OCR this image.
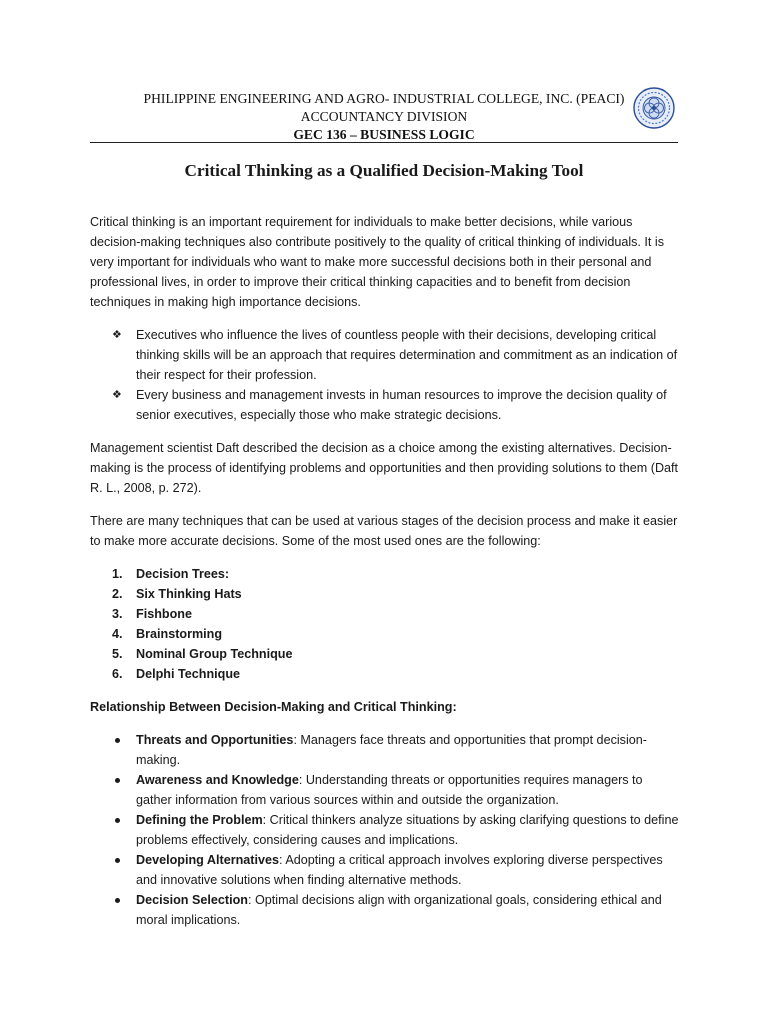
PHILIPPINE ENGINEERING AND AGRO- INDUSTRIAL COLLEGE, INC. (PEACI)
ACCOUNTANCY DIVISION
GEC 136 – BUSINESS LOGIC
Critical Thinking as a Qualified Decision-Making Tool

Critical thinking is an important requirement for individuals to make better decisions, while various decision-making techniques also contribute positively to the quality of critical thinking of individuals. It is very important for individuals who want to make more successful decisions both in their personal and professional lives, in order to improve their critical thinking capacities and to benefit from decision techniques in making high importance decisions.

❖ Executives who influence the lives of countless people with their decisions, developing critical thinking skills will be an approach that requires determination and commitment as an indication of their respect for their profession.
❖ Every business and management invests in human resources to improve the decision quality of senior executives, especially those who make strategic decisions.

Management scientist Daft described the decision as a choice among the existing alternatives. Decision-making is the process of identifying problems and opportunities and then providing solutions to them (Daft R. L., 2008, p. 272).

There are many techniques that can be used at various stages of the decision process and make it easier to make more accurate decisions. Some of the most used ones are the following:

1. Decision Trees:
2. Six Thinking Hats
3. Fishbone
4. Brainstorming
5. Nominal Group Technique
6. Delphi Technique

Relationship Between Decision-Making and Critical Thinking:

Threats and Opportunities: Managers face threats and opportunities that prompt decision-making.
Awareness and Knowledge: Understanding threats or opportunities requires managers to gather information from various sources within and outside the organization.
Defining the Problem: Critical thinkers analyze situations by asking clarifying questions to define problems effectively, considering causes and implications.
Developing Alternatives: Adopting a critical approach involves exploring diverse perspectives and innovative solutions when finding alternative methods.
Decision Selection: Optimal decisions align with organizational goals, considering ethical and moral implications.
